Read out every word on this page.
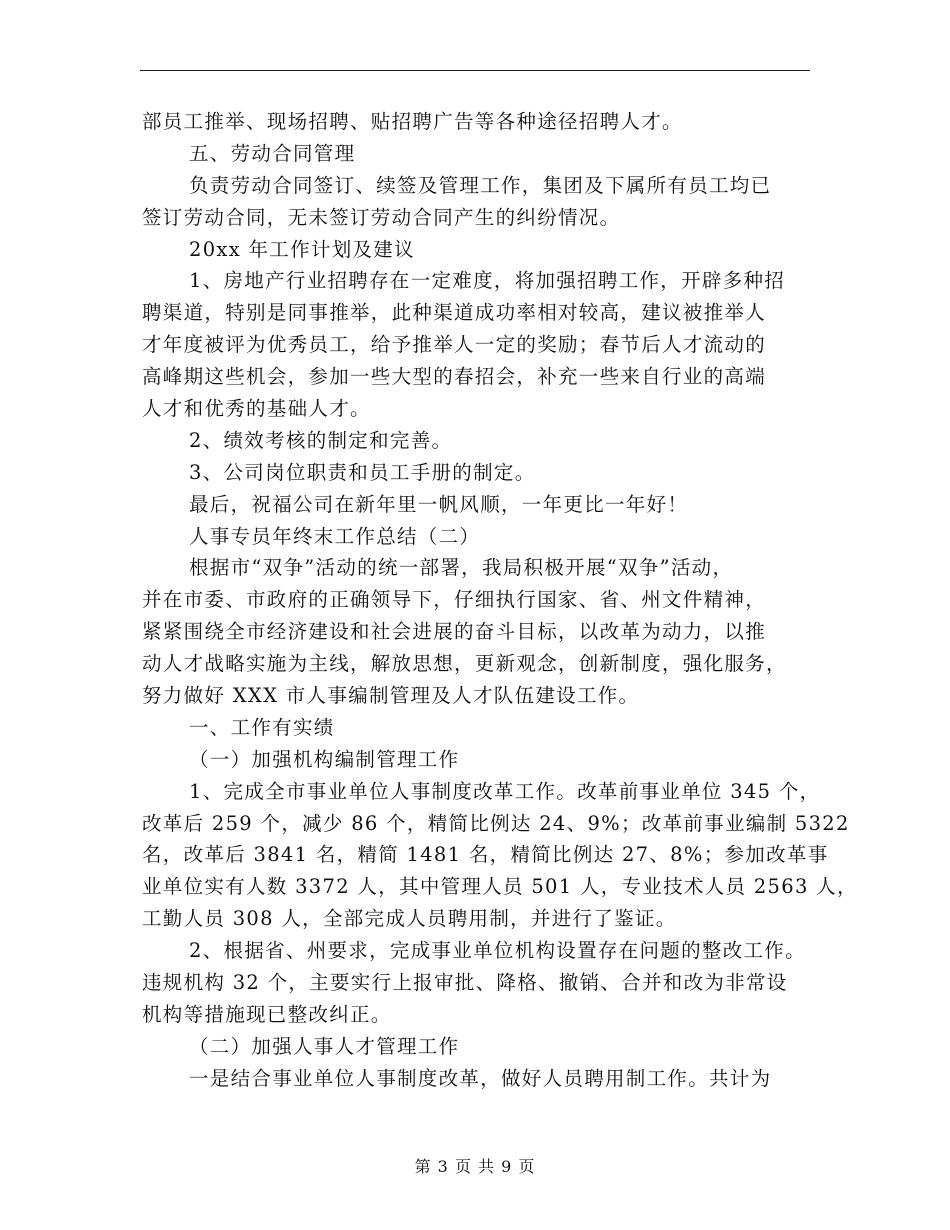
部员工推举、现场招聘、贴招聘广告等各种途径招聘人才。
五、劳动合同管理
负责劳动合同签订、续签及管理工作，集团及下属所有员工均已
签订劳动合同，无未签订劳动合同产生的纠纷情况。
20xx 年工作计划及建议
1、房地产行业招聘存在一定难度，将加强招聘工作，开辟多种招
聘渠道，特别是同事推举，此种渠道成功率相对较高，建议被推举人
才年度被评为优秀员工，给予推举人一定的奖励；春节后人才流动的
高峰期这些机会，参加一些大型的春招会，补充一些来自行业的高端
人才和优秀的基础人才。
2、绩效考核的制定和完善。
3、公司岗位职责和员工手册的制定。
最后，祝福公司在新年里一帆风顺，一年更比一年好！
人事专员年终末工作总结（二）
根据市“双争”活动的统一部署，我局积极开展“双争”活动，
并在市委、市政府的正确领导下，仔细执行国家、省、州文件精神，
紧紧围绕全市经济建设和社会进展的奋斗目标，以改革为动力，以推
动人才战略实施为主线，解放思想，更新观念，创新制度，强化服务，
努力做好 XXX 市人事编制管理及人才队伍建设工作。
一、工作有实绩
（一）加强机构编制管理工作
1、完成全市事业单位人事制度改革工作。改革前事业单位 345 个，
改革后 259 个，减少 86 个，精简比例达 24、9%；改革前事业编制 5322
名，改革后 3841 名，精简 1481 名，精简比例达 27、8%；参加改革事
业单位实有人数 3372 人，其中管理人员 501 人，专业技术人员 2563 人，
工勤人员 308 人，全部完成人员聘用制，并进行了鉴证。
2、根据省、州要求，完成事业单位机构设置存在问题的整改工作。
违规机构 32 个，主要实行上报审批、降格、撤销、合并和改为非常设
机构等措施现已整改纠正。
（二）加强人事人才管理工作
一是结合事业单位人事制度改革，做好人员聘用制工作。共计为
第 3 页 共 9 页
